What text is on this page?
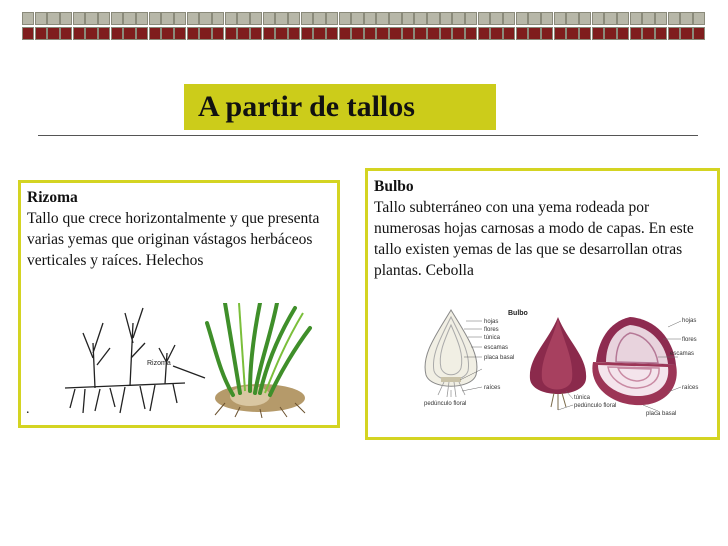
A partir de tallos
Rizoma
Tallo que crece horizontalmente y que presenta varias yemas que originan vástagos herbáceos verticales y raíces. Helechos
Rizoma
.
Bulbo
Tallo subterráneo con una yema rodeada por numerosas hojas carnosas a modo de capas. En este tallo existen yemas de las que se desarrollan otras plantas. Cebolla
Bulbo
hojas
flores
túnica
escamas
placa basal
raíces
pedúnculo floral
hojas
flores
escamas
raíces
túnica
pedúnculo floral
placa basal
